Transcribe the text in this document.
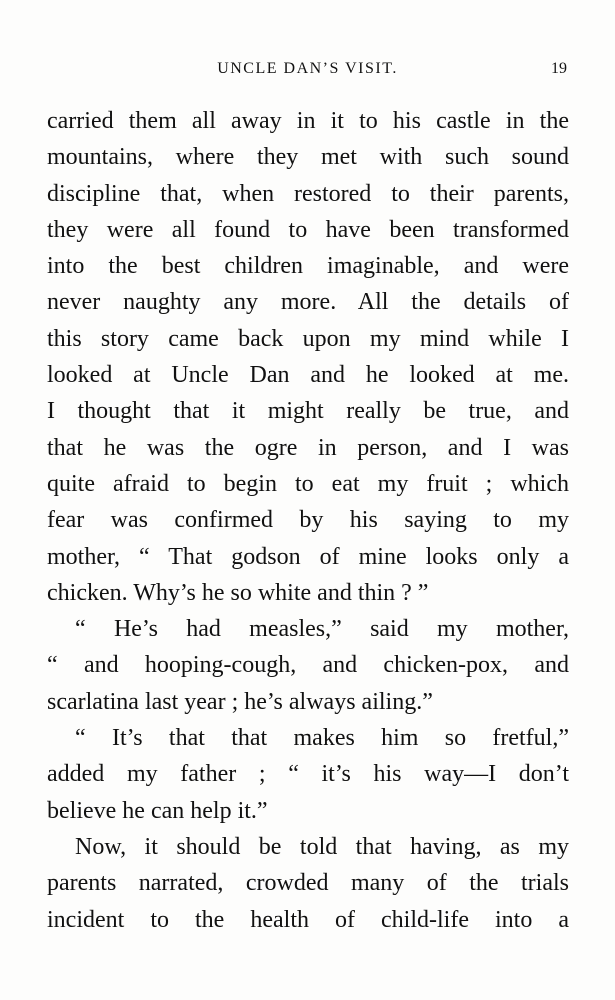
UNCLE DAN’S VISIT.	19
carried them all away in it to his castle in the
mountains, where they met with such sound
discipline that, when restored to their parents,
they were all found to have been transformed
into the best children imaginable, and were
never naughty any more. All the details of
this story came back upon my mind while I
looked at Uncle Dan and he looked at me.
I thought that it might really be true, and
that he was the ogre in person, and I was
quite afraid to begin to eat my fruit ; which
fear was confirmed by his saying to my
mother, “ That godson of mine looks only a
chicken. Why’s he so white and thin ? ”
“ He’s had measles,” said my mother,
“ and hooping-cough, and chicken-pox, and
scarlatina last year ; he’s always ailing.”
“ It’s that that makes him so fretful,”
added my father ; “ it’s his way—I don’t
believe he can help it.”
Now, it should be told that having, as my
parents narrated, crowded many of the trials
incident to the health of child-life into a
